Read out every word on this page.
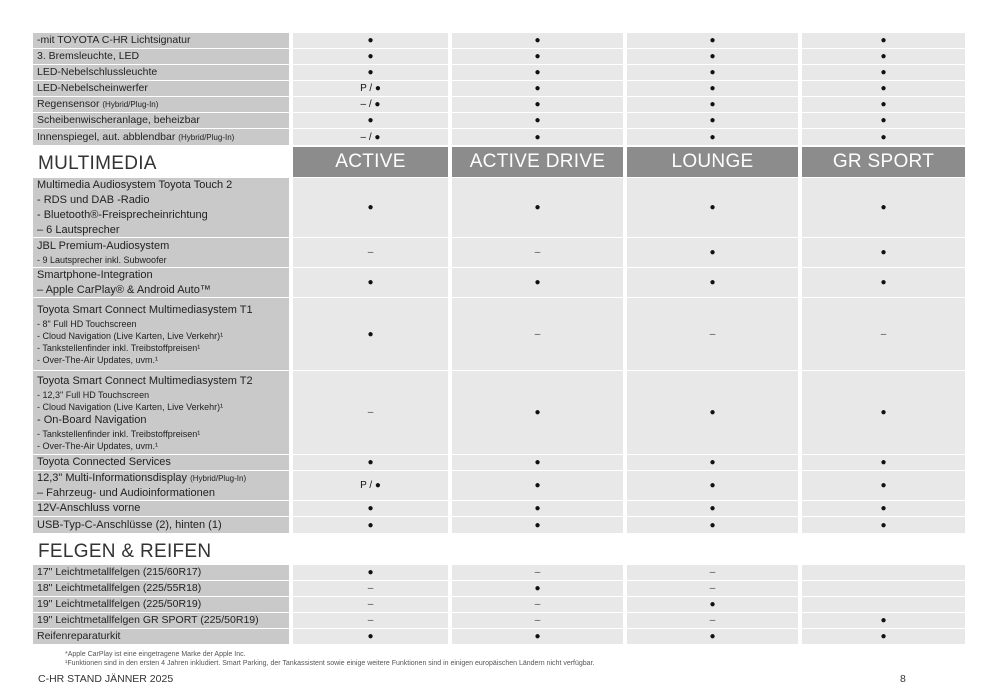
-mit TOYOTA C-HR Lichtsignatur	●	●	●	●
3. Bremsleuchte, LED	●	●	●	●
LED-Nebelschlussleuchte	●	●	●	●
LED-Nebelscheinwerfer	P / ●	●	●	●
Regensensor (Hybrid/Plug-In)	– / ●	●	●	●
Scheibenwischeranlage, beheizbar	●	●	●	●
Innenspiegel, aut. abblendbar (Hybrid/Plug-In)	– / ●	●	●	●
MULTIMEDIA	ACTIVE	ACTIVE DRIVE	LOUNGE	GR SPORT
Multimedia Audiosystem Toyota Touch 2
- RDS und DAB -Radio
- Bluetooth®-Freisprecheinrichtung
– 6 Lautsprecher
●	●	●	●
JBL Premium-Audiosystem
- 9 Lautsprecher inkl. Subwoofer
–	–	●	●
Smartphone-Integration
– Apple CarPlay® & Android Auto™
●	●	●	●
Toyota Smart Connect Multimediasystem T1
- 8" Full HD Touchscreen
- Cloud Navigation (Live Karten, Live Verkehr)¹
- Tankstellenfinder inkl. Treibstoffpreisen¹
- Over-The-Air Updates, uvm.¹
●	–	–	–
Toyota Smart Connect Multimediasystem T2
- 12,3" Full HD Touchscreen
- Cloud Navigation (Live Karten, Live Verkehr)¹
- On-Board Navigation
- Tankstellenfinder inkl. Treibstoffpreisen¹
- Over-The-Air Updates, uvm.¹
–	●	●	●
Toyota Connected Services	●	●	●	●
12,3" Multi-Informationsdisplay (Hybrid/Plug-In)
– Fahrzeug- und Audioinformationen
P / ●	●	●	●
12V-Anschluss vorne	●	●	●	●
USB-Typ-C-Anschlüsse (2), hinten (1)	●	●	●	●
FELGEN & REIFEN
17" Leichtmetallfelgen (215/60R17)	●	–	–
18" Leichtmetallfelgen (225/55R18)	–	●	–
19" Leichtmetallfelgen (225/50R19)	–	–	●
19" Leichtmetallfelgen GR SPORT (225/50R19)	–	–	–	●
Reifenreparaturkit	●	●	●	●
*Apple CarPlay ist eine eingetragene Marke der Apple Inc.
¹Funktionen sind in den ersten 4 Jahren inkludiert. Smart Parking, der Tankassistent sowie einige weitere Funktionen sind in einigen europäischen Ländern nicht verfügbar.
C-HR STAND JÄNNER 2025	8
